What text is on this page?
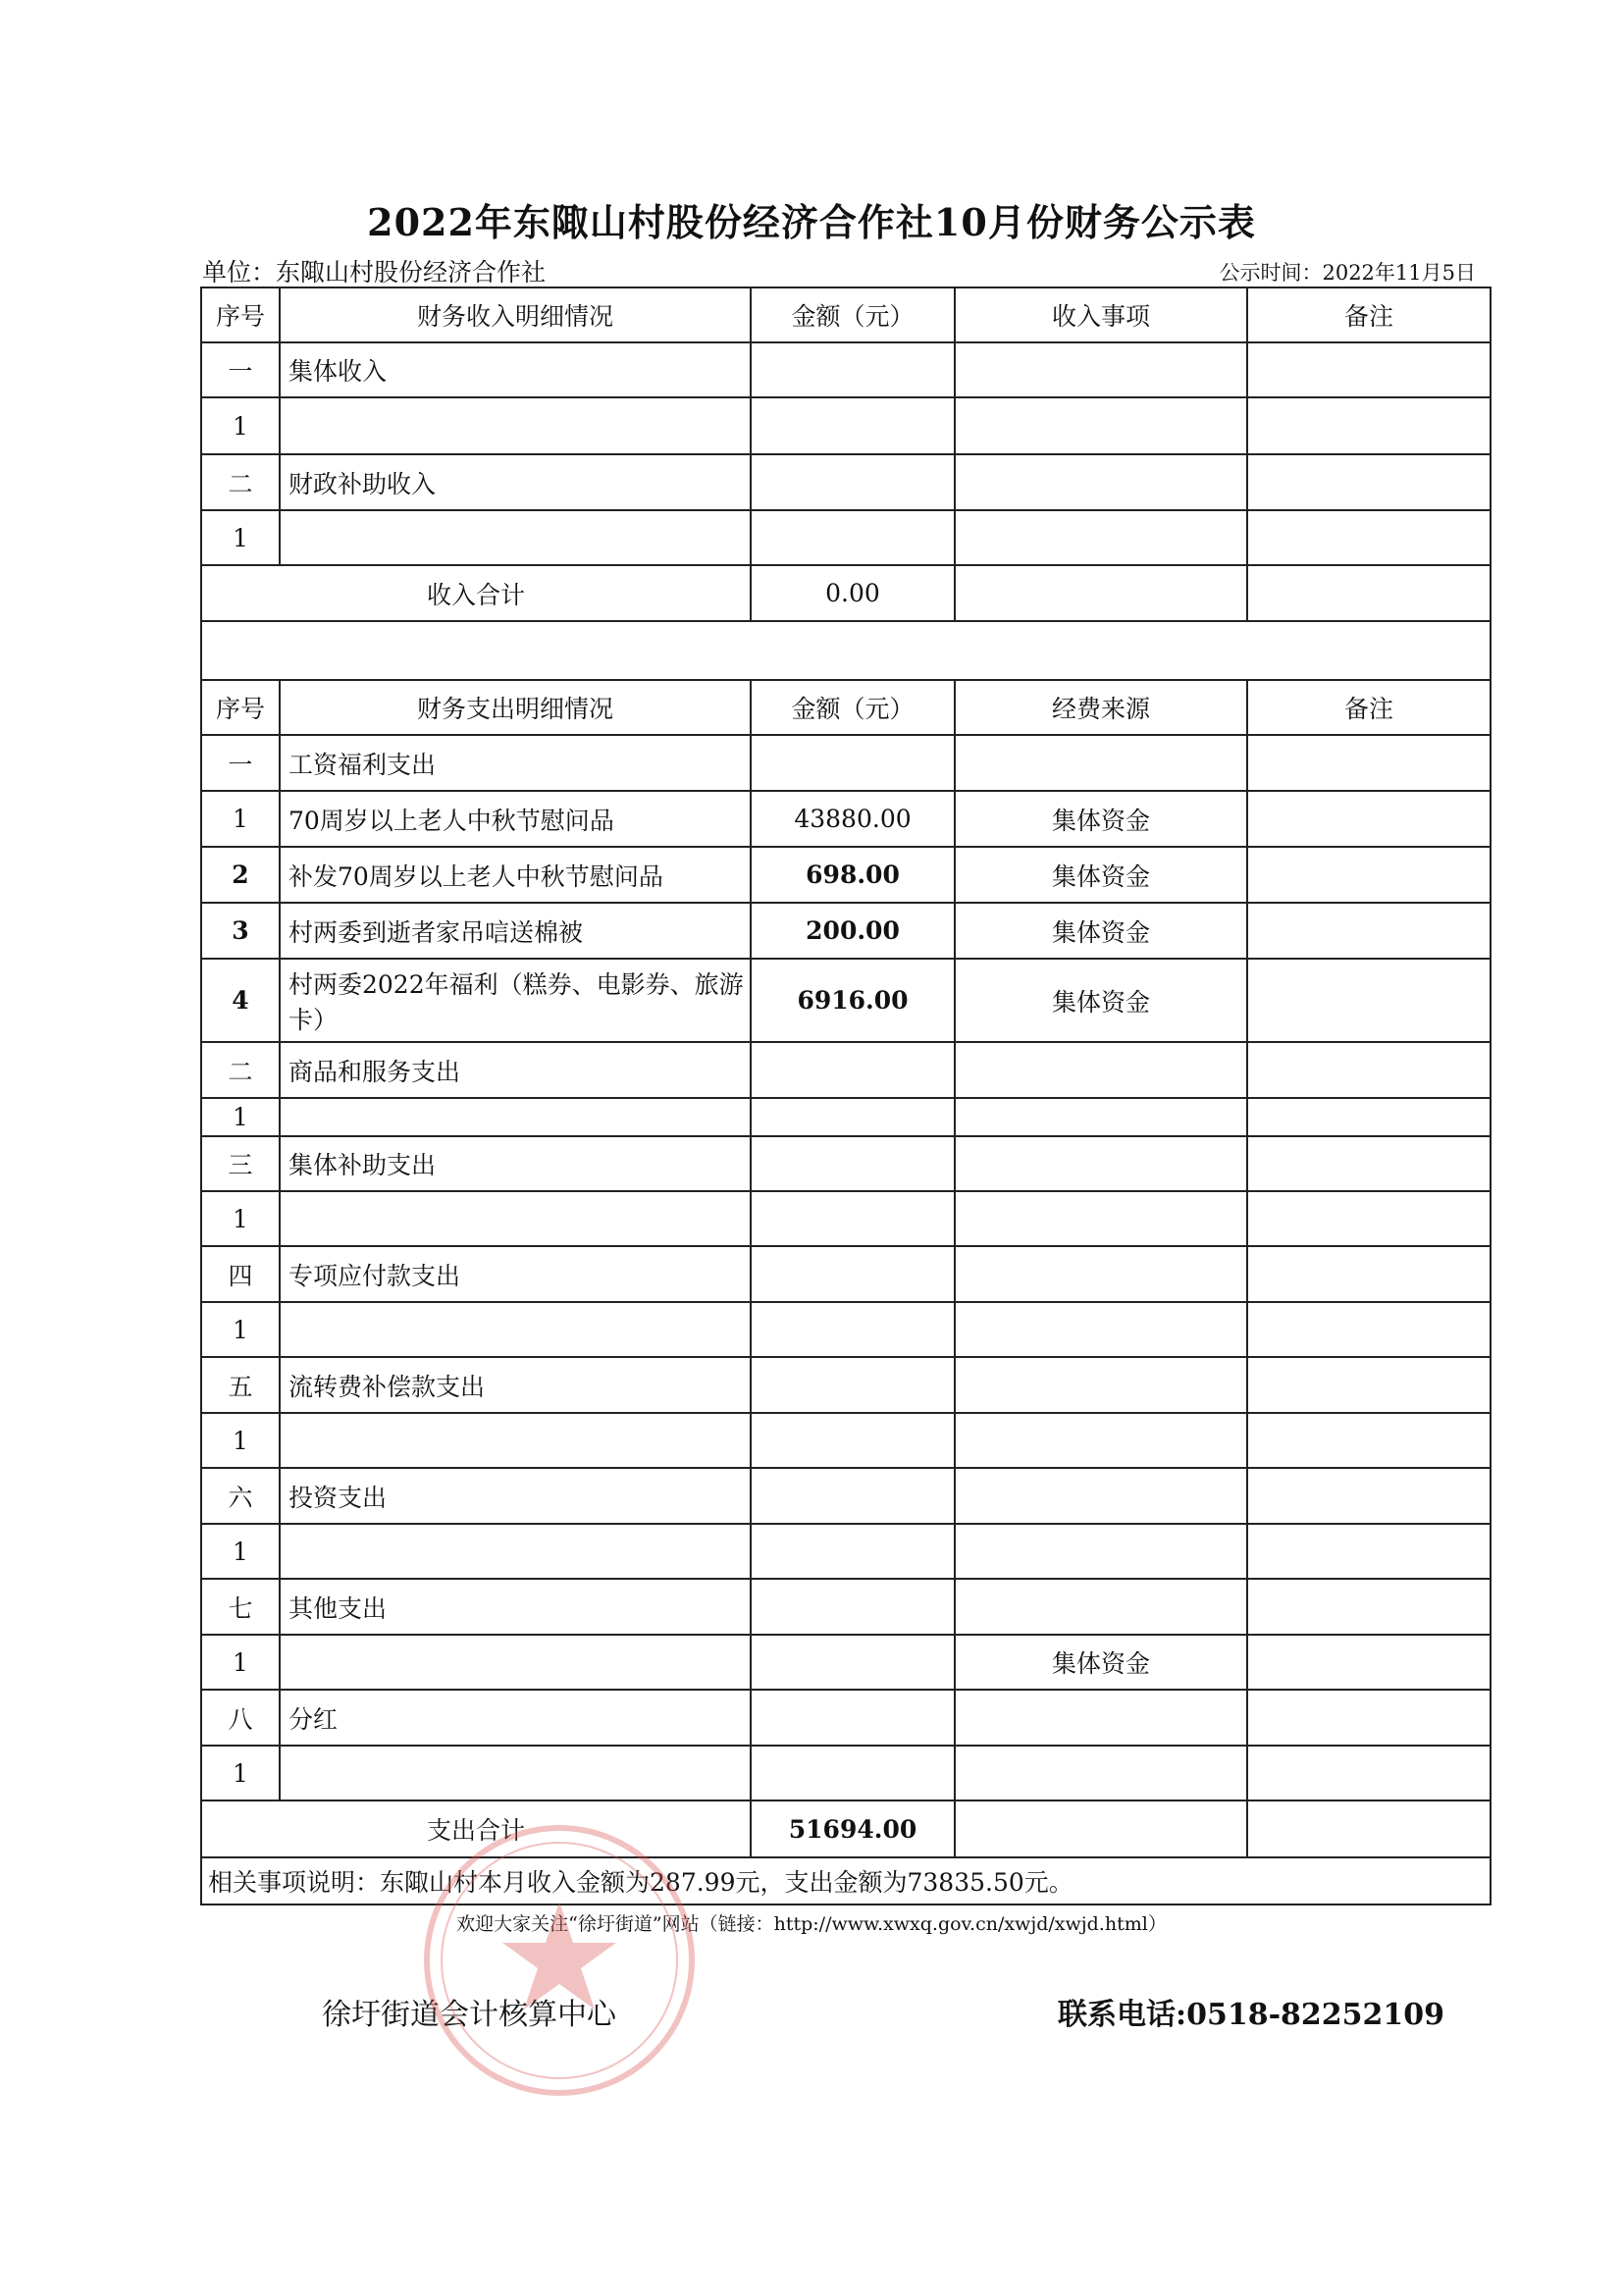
2022年东陬山村股份经济合作社10月份财务公示表
单位：东陬山村股份经济合作社	公示时间：2022年11月5日
序号	财务收入明细情况	金额（元）	收入事项	备注
一	集体收入			
1				
二	财政补助收入			
1				
收入合计		0.00		

序号	财务支出明细情况	金额（元）	经费来源	备注
一	工资福利支出			
1	70周岁以上老人中秋节慰问品	43880.00	集体资金	
2	补发70周岁以上老人中秋节慰问品	698.00	集体资金	
3	村两委到逝者家吊唁送棉被	200.00	集体资金	
4	村两委2022年福利（糕券、电影券、旅游卡）	6916.00	集体资金	
二	商品和服务支出			
1				
三	集体补助支出			
1				
四	专项应付款支出			
1				
五	流转费补偿款支出			
1				
六	投资支出			
1				
七	其他支出			
1			集体资金	
八	分红			
1				
支出合计		51694.00		
相关事项说明：东陬山村本月收入金额为287.99元，支出金额为73835.50元。				
欢迎大家关注“徐圩街道”网站（链接：http://www.xwxq.gov.cn/xwjd/xwjd.html）
徐圩街道会计核算中心	联系电话:0518-82252109
